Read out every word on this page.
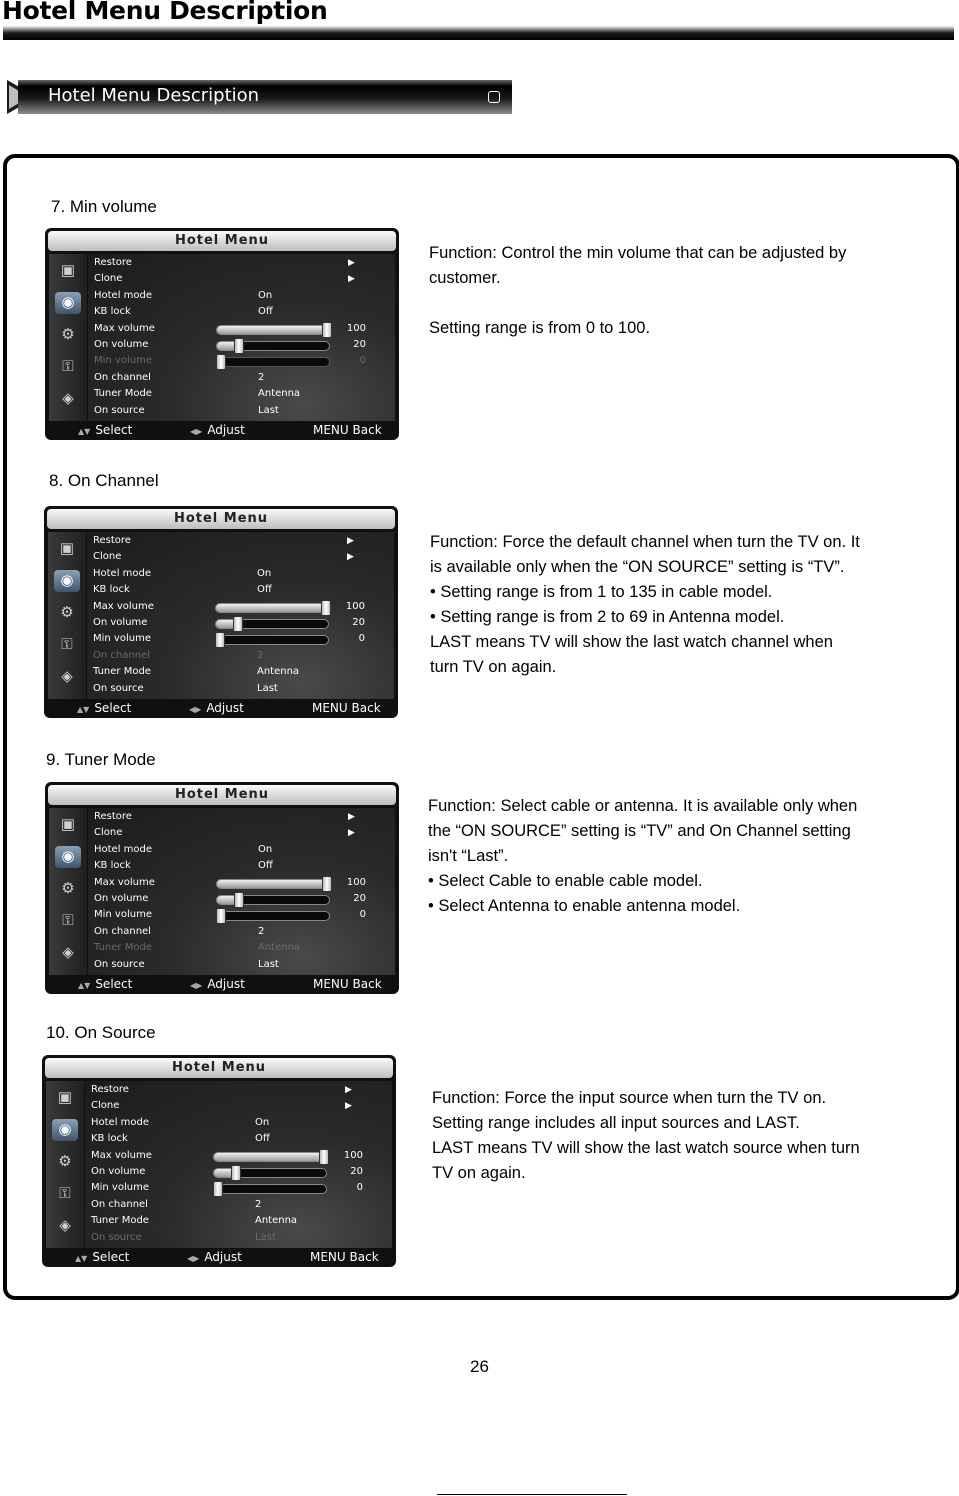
Hotel Menu Description
Hotel Menu Description
7. Min volume
Hotel Menu
▣
◉
⚙
⚿
◈
Restore	▶
Clone	▶
Hotel mode	On
KB lock	Off
Max volume	100
On volume	20
Min volume	0
On channel	2
Tuner Mode	Antenna
On source	Last
▲▼ Select	◀▶ Adjust	MENU Back
Function: Control the min volume that can be adjusted by
customer.

Setting range is from 0 to 100.
8. On Channel
Hotel Menu
▣
◉
⚙
⚿
◈
Restore	▶
Clone	▶
Hotel mode	On
KB lock	Off
Max volume	100
On volume	20
Min volume	0
On channel	2
Tuner Mode	Antenna
On source	Last
▲▼ Select	◀▶ Adjust	MENU Back
Function: Force the default channel when turn the TV on. It
is available only when the “ON SOURCE” setting is “TV”.
• Setting range is from 1 to 135 in cable model.
• Setting range is from 2 to 69 in Antenna model.
LAST means TV will show the last watch channel when
turn TV on again.
9. Tuner Mode
Hotel Menu
▣
◉
⚙
⚿
◈
Restore	▶
Clone	▶
Hotel mode	On
KB lock	Off
Max volume	100
On volume	20
Min volume	0
On channel	2
Tuner Mode	Antenna
On source	Last
▲▼ Select	◀▶ Adjust	MENU Back
Function: Select cable or antenna. It is available only when
the “ON SOURCE” setting is “TV” and On Channel setting
isn't “Last”.
• Select Cable to enable cable model.
• Select Antenna to enable antenna model.
10. On Source
Hotel Menu
▣
◉
⚙
⚿
◈
Restore	▶
Clone	▶
Hotel mode	On
KB lock	Off
Max volume	100
On volume	20
Min volume	0
On channel	2
Tuner Mode	Antenna
On source	Last
▲▼ Select	◀▶ Adjust	MENU Back
Function: Force the input source when turn the TV on.
Setting range includes all input sources and LAST.
LAST means TV will show the last watch source when turn
TV on again.
26
